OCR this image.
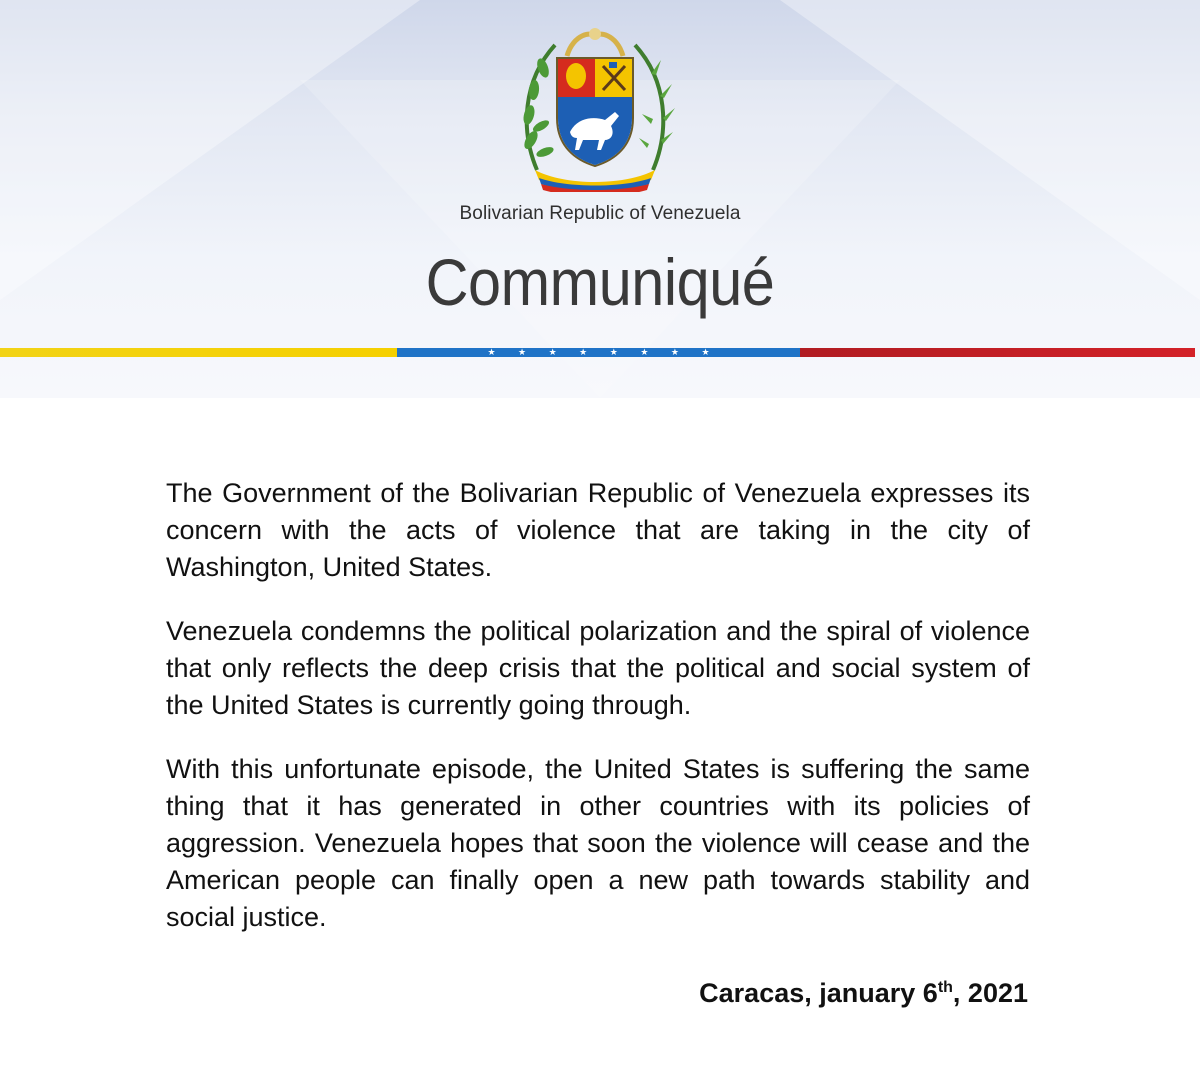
Bolivarian Republic of Venezuela
Communiqué
★ ★ ★ ★ ★ ★ ★ ★

The Government of the Bolivarian Republic of Venezuela expresses its concern with the acts of violence that are taking in the city of Washington, United States.

Venezuela condemns the political polarization and the spiral of violence that only reflects the deep crisis that the political and social system of the United States is currently going through.

With this unfortunate episode, the United States is suffering the same thing that it has generated in other countries with its policies of aggression. Venezuela hopes that soon the violence will cease and the American people can finally open a new path towards stability and social justice.

Caracas, january 6th, 2021
